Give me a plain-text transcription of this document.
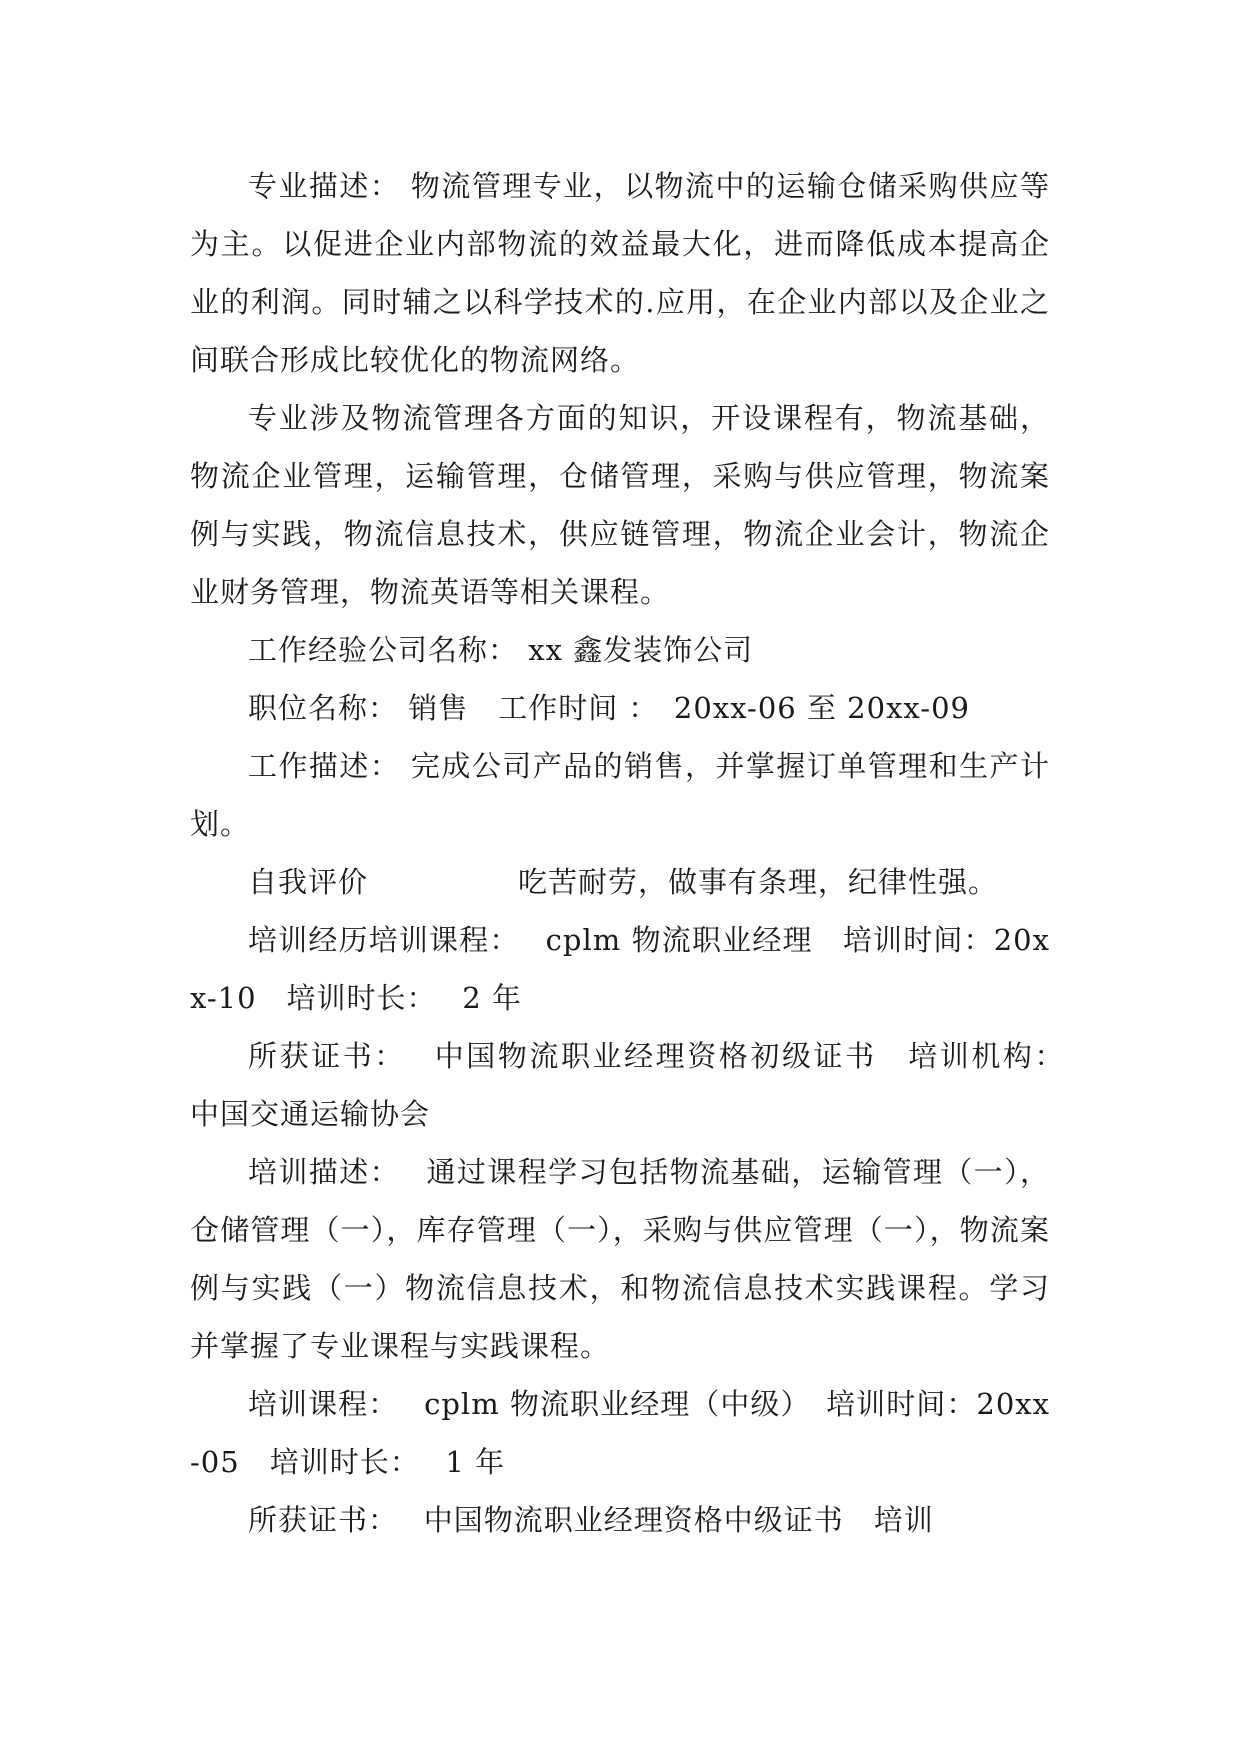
专业描述： 物流管理专业，以物流中的运输仓储采购供应等为主。以促进企业内部物流的效益最大化，进而降低成本提高企业的利润。同时辅之以科学技术的.应用，在企业内部以及企业之间联合形成比较优化的物流网络。

专业涉及物流管理各方面的知识，开设课程有，物流基础，物流企业管理，运输管理，仓储管理，采购与供应管理，物流案例与实践，物流信息技术，供应链管理，物流企业会计，物流企业财务管理，物流英语等相关课程。

工作经验公司名称： xx 鑫发装饰公司

职位名称： 销售　工作时间 ：　20xx-06 至 20xx-09

工作描述： 完成公司产品的销售，并掌握订单管理和生产计划。

自我评价　　　　　吃苦耐劳，做事有条理，纪律性强。

培训经历培训课程：　 cplm 物流职业经理　培训时间：20xx-10　培训时长：　 2 年

所获证书：　 中国物流职业经理资格初级证书　培训机构：　 中国交通运输协会

培训描述：　 通过课程学习包括物流基础，运输管理（一），仓储管理（一），库存管理（一），采购与供应管理（一），物流案例与实践（一）物流信息技术，和物流信息技术实践课程。学习并掌握了专业课程与实践课程。

培训课程：　 cplm 物流职业经理（中级）　培训时间：20xx-05　培训时长：　 1 年

所获证书：　 中国物流职业经理资格中级证书　培训
